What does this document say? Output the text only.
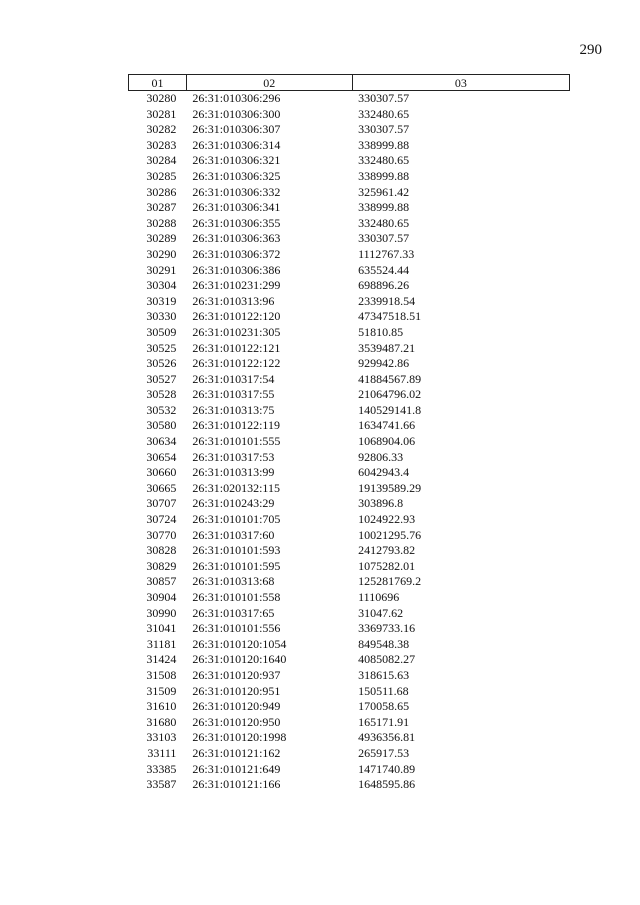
290
01	02	03
30280	26:31:010306:296	330307.57
30281	26:31:010306:300	332480.65
30282	26:31:010306:307	330307.57
30283	26:31:010306:314	338999.88
30284	26:31:010306:321	332480.65
30285	26:31:010306:325	338999.88
30286	26:31:010306:332	325961.42
30287	26:31:010306:341	338999.88
30288	26:31:010306:355	332480.65
30289	26:31:010306:363	330307.57
30290	26:31:010306:372	1112767.33
30291	26:31:010306:386	635524.44
30304	26:31:010231:299	698896.26
30319	26:31:010313:96	2339918.54
30330	26:31:010122:120	47347518.51
30509	26:31:010231:305	51810.85
30525	26:31:010122:121	3539487.21
30526	26:31:010122:122	929942.86
30527	26:31:010317:54	41884567.89
30528	26:31:010317:55	21064796.02
30532	26:31:010313:75	140529141.8
30580	26:31:010122:119	1634741.66
30634	26:31:010101:555	1068904.06
30654	26:31:010317:53	92806.33
30660	26:31:010313:99	6042943.4
30665	26:31:020132:115	19139589.29
30707	26:31:010243:29	303896.8
30724	26:31:010101:705	1024922.93
30770	26:31:010317:60	10021295.76
30828	26:31:010101:593	2412793.82
30829	26:31:010101:595	1075282.01
30857	26:31:010313:68	125281769.2
30904	26:31:010101:558	1110696
30990	26:31:010317:65	31047.62
31041	26:31:010101:556	3369733.16
31181	26:31:010120:1054	849548.38
31424	26:31:010120:1640	4085082.27
31508	26:31:010120:937	318615.63
31509	26:31:010120:951	150511.68
31610	26:31:010120:949	170058.65
31680	26:31:010120:950	165171.91
33103	26:31:010120:1998	4936356.81
33111	26:31:010121:162	265917.53
33385	26:31:010121:649	1471740.89
33587	26:31:010121:166	1648595.86
